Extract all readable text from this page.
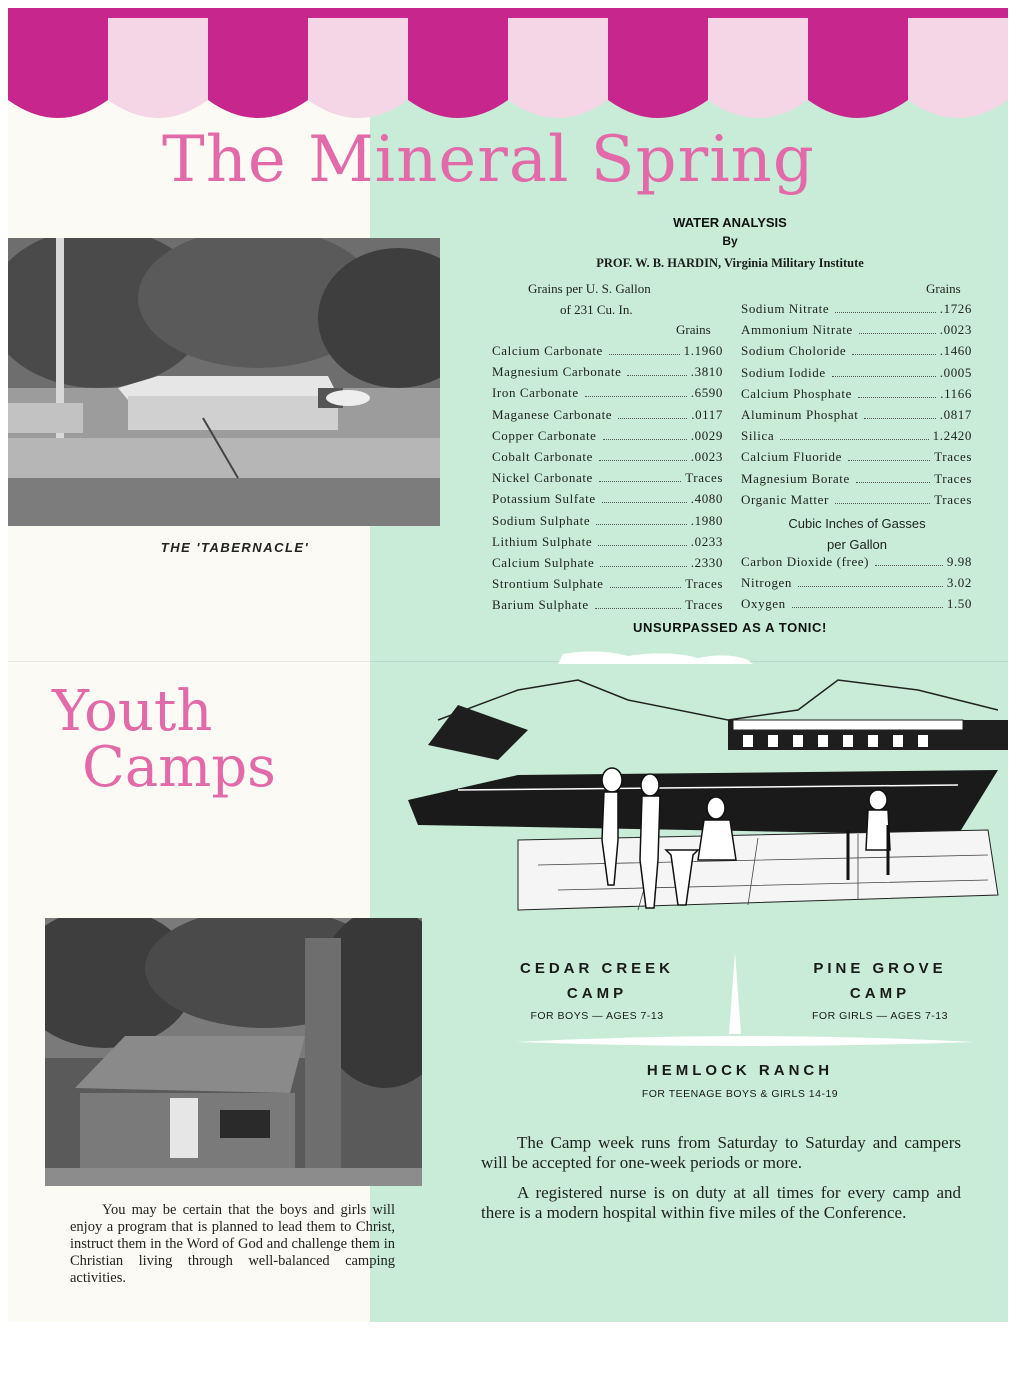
The Mineral Spring
THE 'TABERNACLE'
WATER ANALYSIS
By
PROF. W. B. HARDIN, Virginia Military Institute
Grains per U. S. Gallon
of 231 Cu. In.
Grains
Grains
Calcium Carbonate	1.1960
Magnesium Carbonate	.3810
Iron Carbonate	.6590
Maganese Carbonate	.0117
Copper Carbonate	.0029
Cobalt Carbonate	.0023
Nickel Carbonate	Traces
Potassium Sulfate	.4080
Sodium Sulphate	.1980
Lithium Sulphate	.0233
Calcium Sulphate	.2330
Strontium Sulphate	Traces
Barium Sulphate	Traces
Sodium Nitrate	.1726
Ammonium Nitrate	.0023
Sodium Choloride	.1460
Sodium Iodide	.0005
Calcium Phosphate	.1166
Aluminum Phosphat	.0817
Silica	1.2420
Calcium Fluoride	Traces
Magnesium Borate	Traces
Organic Matter	Traces
Cubic Inches of Gasses
per Gallon
Carbon Dioxide (free)	9.98
Nitrogen	3.02
Oxygen	1.50
UNSURPASSED AS A TONIC!
Youth
Camps
CEDAR CREEK
CAMP
FOR BOYS — AGES 7-13
PINE GROVE
CAMP
FOR GIRLS — AGES 7-13
HEMLOCK RANCH
FOR TEENAGE BOYS & GIRLS 14-19
You may be certain that the boys and girls will enjoy a program that is planned to lead them to Christ, instruct them in the Word of God and challenge them in Christian living through well-balanced camping activities.

The Camp week runs from Saturday to Saturday and campers will be accepted for one-week periods or more.

A registered nurse is on duty at all times for every camp and there is a modern hospital within five miles of the Conference.
